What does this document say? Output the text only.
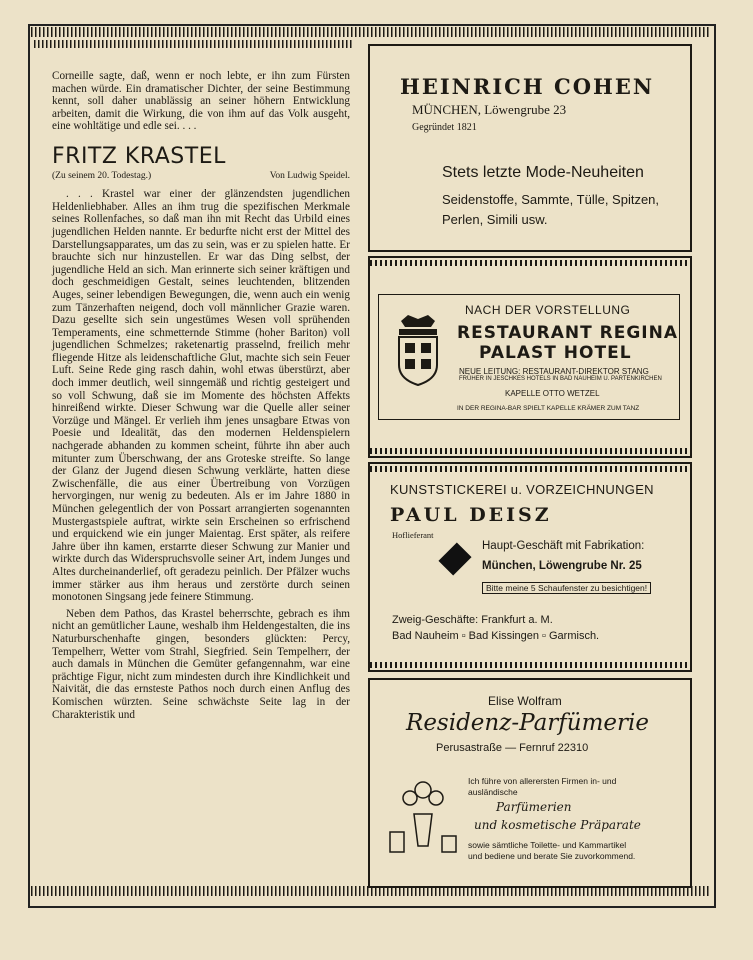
Corneille sagte, daß, wenn er noch lebte, er ihn zum Fürsten machen würde. Ein dramatischer Dichter, der seine Bestimmung kennt, soll daher unablässig an seiner höhern Entwicklung arbeiten, damit die Wirkung, die von ihm auf das Volk ausgeht, eine wohltätige und edle sei. . . .

FRITZ KRASTEL
(Zu seinem 20. Todestag.)	Von Ludwig Speidel.

. . . Krastel war einer der glänzendsten jugendlichen Heldenliebhaber. Alles an ihm trug die spezifischen Merkmale seines Rollenfaches, so daß man ihn mit Recht das Urbild eines jugendlichen Helden nannte. Er bedurfte nicht erst der Mittel des Darstellungsapparates, um das zu sein, was er zu spielen hatte. Er brauchte sich nur hinzustellen. Er war das Ding selbst, der jugendliche Held an sich. Man erinnerte sich seiner kräftigen und doch geschmeidigen Gestalt, seines leuchtenden, blitzenden Auges, seiner lebendigen Bewegungen, die, wenn auch ein wenig zum Tänzerhaften neigend, doch voll männlicher Grazie waren. Dazu gesellte sich sein ungestümes Wesen voll sprühenden Temperaments, eine schmetternde Stimme (hoher Bariton) voll jugendlichen Schmelzes; raketenartig prasselnd, freilich mehr fliegende Hitze als leidenschaftliche Glut, machte sich sein Feuer Luft. Seine Rede ging rasch dahin, wohl etwas überstürzt, aber doch immer deutlich, weil sinngemäß und richtig gesteigert und so voll Schwung, daß sie im Momente des höchsten Affekts hinreißend wirkte. Dieser Schwung war die Quelle aller seiner Vorzüge und Mängel. Er verlieh ihm jenes unsagbare Etwas von Poesie und Idealität, das den modernen Heldenspielern nachgerade abhanden zu kommen scheint, führte ihn aber auch mitunter zum Überschwang, der ans Groteske streifte. So lange der Glanz der Jugend diesen Schwung verklärte, hatten diese Zwischenfälle, die aus einer Übertreibung von Vorzügen hervorgingen, nur wenig zu bedeuten. Als er im Jahre 1880 in München gelegentlich der von Possart arrangierten sogenannten Mustergastspiele auftrat, wirkte sein Erscheinen so erfrischend und erquickend wie ein junger Maientag. Erst später, als reifere Jahre über ihn kamen, erstarrte dieser Schwung zur Manier und wirkte durch das Widerspruchsvolle seiner Art, indem Junges und Altes durcheinanderlief, oft geradezu peinlich. Der Pfälzer wuchs immer stärker aus ihm heraus und zerstörte durch seinen monotonen Singsang jede feinere Stimmung.

Neben dem Pathos, das Krastel beherrschte, gebrach es ihm nicht an gemütlicher Laune, weshalb ihm Heldengestalten, die ins Naturburschenhafte gingen, besonders glückten: Percy, Tempelherr, Wetter vom Strahl, Siegfried. Sein Tempelherr, der auch damals in München die Gemüter gefangennahm, war eine prächtige Figur, nicht zum mindesten durch ihre Kindlichkeit und Naivität, die das ernsteste Pathos noch durch einen Anflug des Komischen würzten. Seine schwächste Seite lag in der Charakteristik und

HEINRICH COHEN
MÜNCHEN, Löwengrube 23
Gegründet 1821
Stets letzte Mode-Neuheiten
Seidenstoffe, Sammte, Tülle, Spitzen,
Perlen, Simili usw.
NACH DER VORSTELLUNG
RESTAURANT REGINA
PALAST HOTEL
NEUE LEITUNG: RESTAURANT-DIREKTOR STANG
FRÜHER IN JESCHKES HOTELS IN BAD NAUHEIM U. PARTENKIRCHEN
KAPELLE OTTO WETZEL
IN DER REGINA-BAR SPIELT KAPELLE KRÄMER ZUM TANZ
KUNSTSTICKEREI u. VORZEICHNUNGEN
PAUL DEISZ
Hoflieferant
Haupt-Geschäft mit Fabrikation:
München, Löwengrube Nr. 25
Bitte meine 5 Schaufenster zu besichtigen!
Zweig-Geschäfte: Frankfurt a. M.
Bad Nauheim ▫ Bad Kissingen ▫ Garmisch.
Elise Wolfram
Residenz-Parfümerie
Perusastraße — Fernruf 22310
Ich führe von allerersten Firmen in- und ausländische
Parfümerien
und kosmetische Präparate
sowie sämtliche Toilette- und Kammartikel
und bediene und berate Sie zuvorkommend.
